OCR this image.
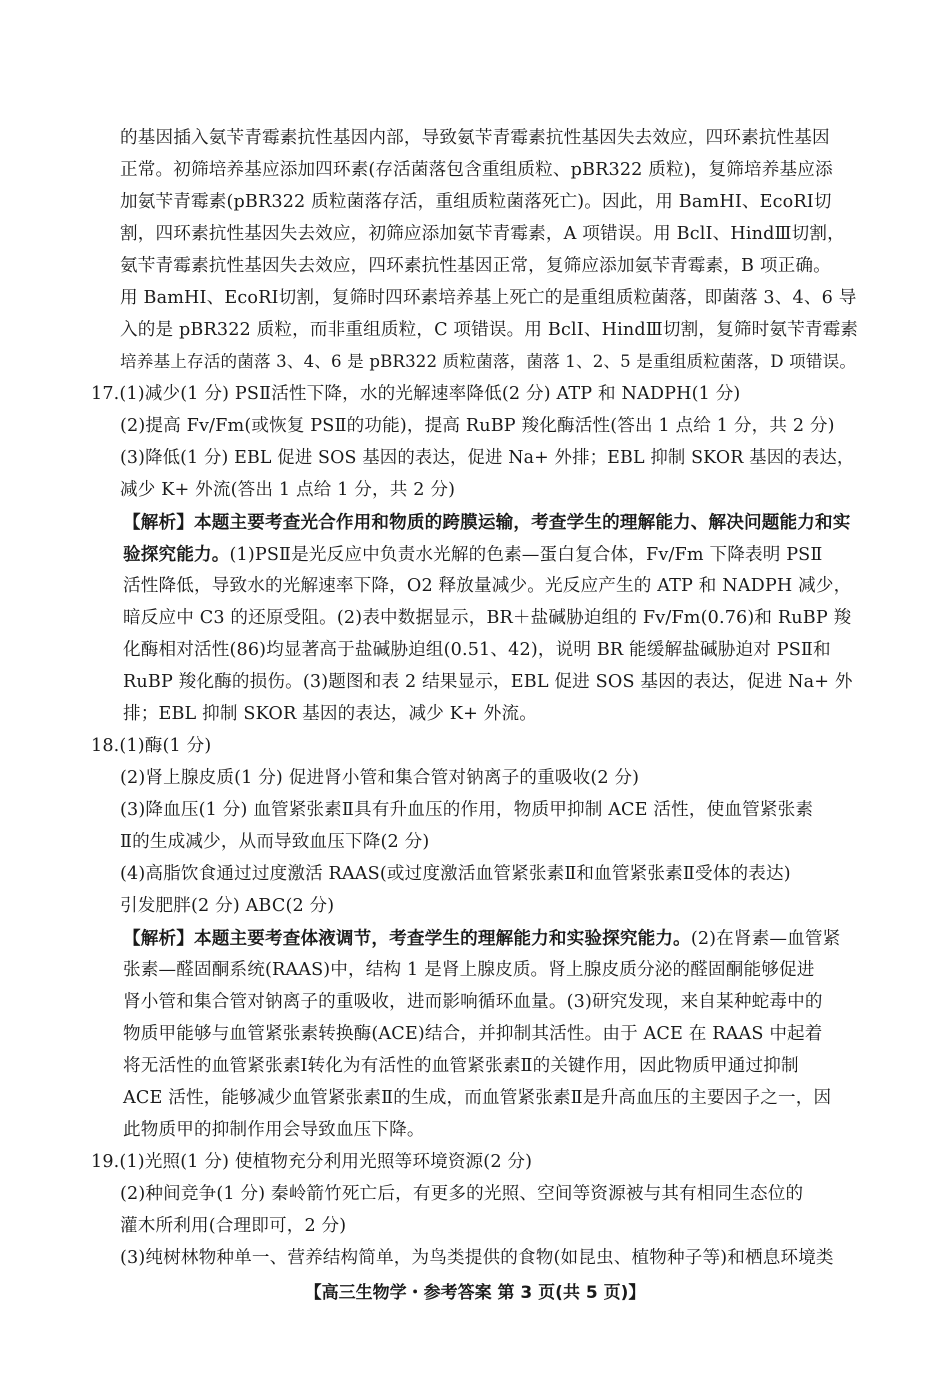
的基因插入氨苄青霉素抗性基因内部，导致氨苄青霉素抗性基因失去效应，四环素抗性基因
正常。初筛培养基应添加四环素(存活菌落包含重组质粒、pBR322 质粒)，复筛培养基应添
加氨苄青霉素(pBR322 质粒菌落存活，重组质粒菌落死亡)。因此，用 BamHⅠ、EcoRⅠ切
割，四环素抗性基因失去效应，初筛应添加氨苄青霉素，A 项错误。用 BclⅠ、HindⅢ切割，
氨苄青霉素抗性基因失去效应，四环素抗性基因正常，复筛应添加氨苄青霉素，B 项正确。
用 BamHⅠ、EcoRⅠ切割，复筛时四环素培养基上死亡的是重组质粒菌落，即菌落 3、4、6 导
入的是 pBR322 质粒，而非重组质粒，C 项错误。用 BclⅠ、HindⅢ切割，复筛时氨苄青霉素
培养基上存活的菌落 3、4、6 是 pBR322 质粒菌落，菌落 1、2、5 是重组质粒菌落，D 项错误。
17.(1)减少(1 分) PSⅡ活性下降，水的光解速率降低(2 分) ATP 和 NADPH(1 分)
(2)提高 Fv/Fm(或恢复 PSⅡ的功能)，提高 RuBP 羧化酶活性(答出 1 点给 1 分，共 2 分)
(3)降低(1 分) EBL 促进 SOS 基因的表达，促进 Na+ 外排；EBL 抑制 SKOR 基因的表达，
减少 K+ 外流(答出 1 点给 1 分，共 2 分)
【解析】本题主要考查光合作用和物质的跨膜运输，考查学生的理解能力、解决问题能力和实
验探究能力。(1)PSⅡ是光反应中负责水光解的色素—蛋白复合体，Fv/Fm 下降表明 PSⅡ
活性降低，导致水的光解速率下降，O2 释放量减少。光反应产生的 ATP 和 NADPH 减少，
暗反应中 C3 的还原受阻。(2)表中数据显示，BR＋盐碱胁迫组的 Fv/Fm(0.76)和 RuBP 羧
化酶相对活性(86)均显著高于盐碱胁迫组(0.51、42)，说明 BR 能缓解盐碱胁迫对 PSⅡ和
RuBP 羧化酶的损伤。(3)题图和表 2 结果显示，EBL 促进 SOS 基因的表达，促进 Na+ 外
排；EBL 抑制 SKOR 基因的表达，减少 K+ 外流。
18.(1)酶(1 分)
(2)肾上腺皮质(1 分) 促进肾小管和集合管对钠离子的重吸收(2 分)
(3)降血压(1 分) 血管紧张素Ⅱ具有升血压的作用，物质甲抑制 ACE 活性，使血管紧张素
Ⅱ的生成减少，从而导致血压下降(2 分)
(4)高脂饮食通过过度激活 RAAS(或过度激活血管紧张素Ⅱ和血管紧张素Ⅱ受体的表达)
引发肥胖(2 分) ABC(2 分)
【解析】本题主要考查体液调节，考查学生的理解能力和实验探究能力。(2)在肾素—血管紧
张素—醛固酮系统(RAAS)中，结构 1 是肾上腺皮质。肾上腺皮质分泌的醛固酮能够促进
肾小管和集合管对钠离子的重吸收，进而影响循环血量。(3)研究发现，来自某种蛇毒中的
物质甲能够与血管紧张素转换酶(ACE)结合，并抑制其活性。由于 ACE 在 RAAS 中起着
将无活性的血管紧张素Ⅰ转化为有活性的血管紧张素Ⅱ的关键作用，因此物质甲通过抑制
ACE 活性，能够减少血管紧张素Ⅱ的生成，而血管紧张素Ⅱ是升高血压的主要因子之一，因
此物质甲的抑制作用会导致血压下降。
19.(1)光照(1 分) 使植物充分利用光照等环境资源(2 分)
(2)种间竞争(1 分) 秦岭箭竹死亡后，有更多的光照、空间等资源被与其有相同生态位的
灌木所利用(合理即可，2 分)
(3)纯树林物种单一、营养结构简单，为鸟类提供的食物(如昆虫、植物种子等)和栖息环境类
【高三生物学・参考答案 第 3 页(共 5 页)】
